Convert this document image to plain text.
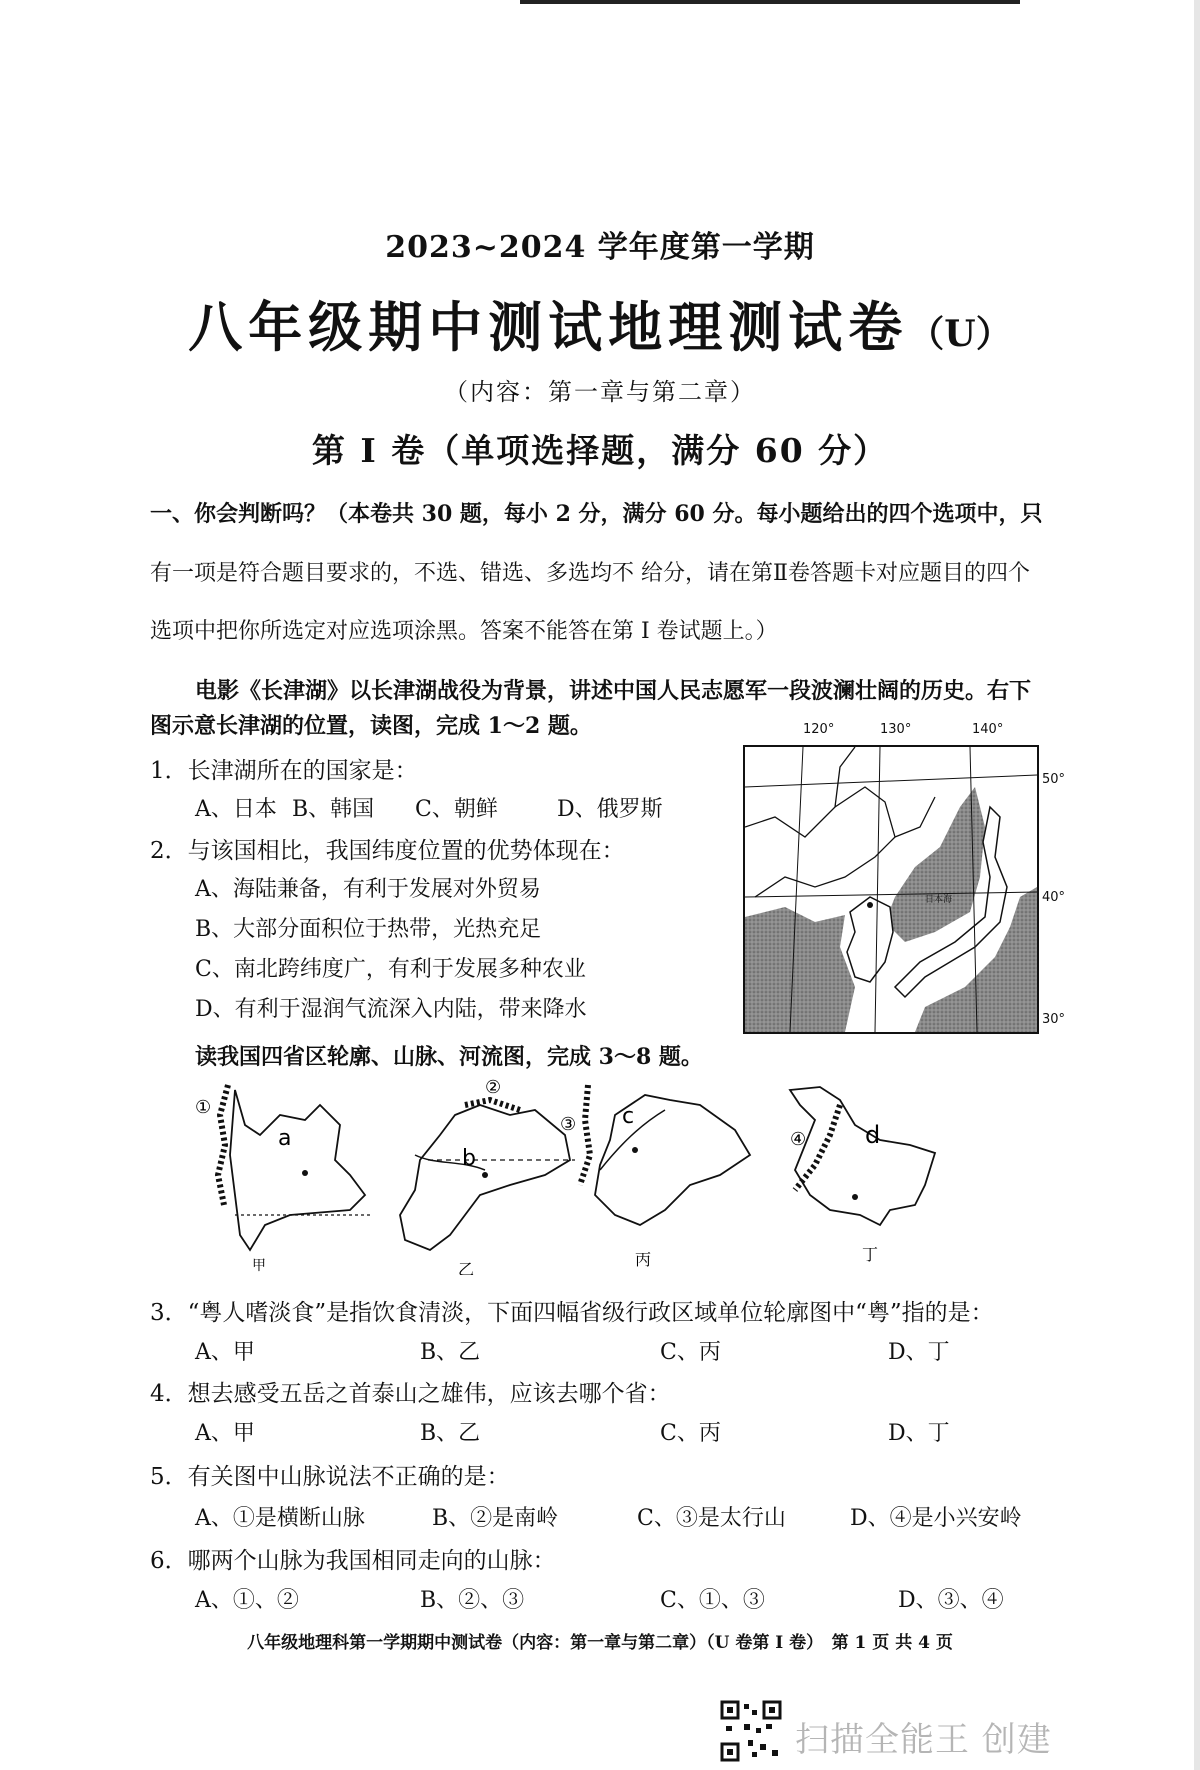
2023~2024 学年度第一学期
八年级期中测试地理测试卷（U）
（内容：第一章与第二章）
第 I 卷（单项选择题，满分 60 分）
一、你会判断吗？（本卷共 30 题，每小 2 分，满分 60 分。每小题给出的四个选项中，只
有一项是符合题目要求的，不选、错选、多选均不 给分，请在第Ⅱ卷答题卡对应题目的四个
选项中把你所选定对应选项涂黑。答案不能答在第 I 卷试题上。）
电影《长津湖》以长津湖战役为背景，讲述中国人民志愿军一段波澜壮阔的历史。右下
图示意长津湖的位置，读图，完成 1～2 题。
1．长津湖所在的国家是：
A、日本 B、韩国 C、朝鲜	D、俄罗斯
2．与该国相比，我国纬度位置的优势体现在：
A、海陆兼备，有利于发展对外贸易
B、大部分面积位于热带，光热充足
C、南北跨纬度广，有利于发展多种农业
D、有利于湿润气流深入内陆，带来降水
120°	130°	140°
50°
40°
30°
日本海
读我国四省区轮廓、山脉、河流图，完成 3～8 题。
①
a
甲
②
b
乙
③ c
丙
④ d
丁
3．“粤人嗜淡食”是指饮食清淡，下面四幅省级行政区域单位轮廓图中“粤”指的是：
A、甲	B、乙	C、丙	D、丁
4．想去感受五岳之首泰山之雄伟，应该去哪个省：
A、甲	B、乙	C、丙	D、丁
5．有关图中山脉说法不正确的是：
A、①是横断山脉	B、②是南岭	C、③是太行山	D、④是小兴安岭
6．哪两个山脉为我国相同走向的山脉：
A、①、②	B、②、③	C、①、③	D、③、④
八年级地理科第一学期期中测试卷（内容：第一章与第二章）（U 卷第 I 卷）　第 1 页 共 4 页
扫描全能王 创建
